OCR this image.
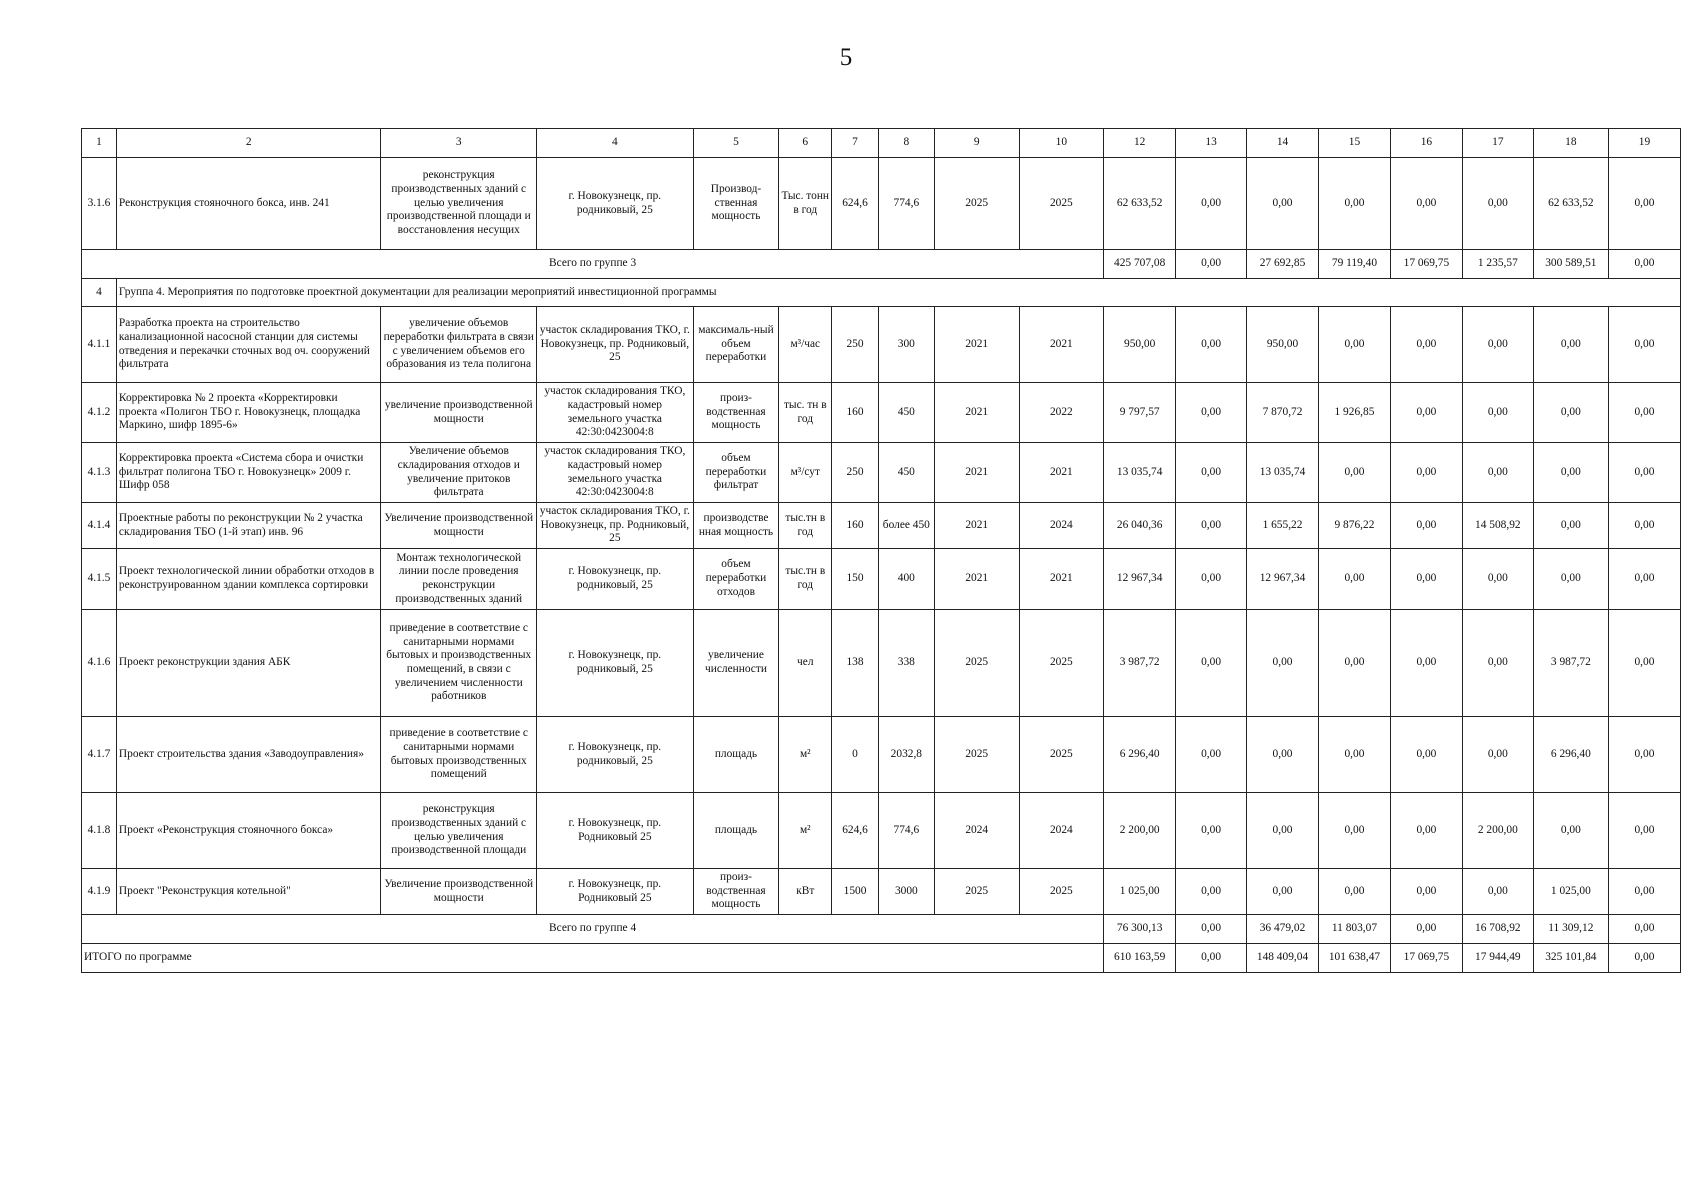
5
1	2	3	4	5	6	7	8	9	10	12	13	14	15	16	17	18	19
3.1.6	Реконструкция стояночного бокса, инв. 241	реконструкция производственных зданий с целью увеличения производственной площади и восстановления несущих	г. Новокузнецк, пр. родниковый, 25	Производ-ственная мощность	Тыс. тонн в год	624,6	774,6	2025	2025	62 633,52	0,00	0,00	0,00	0,00	0,00	62 633,52	0,00
Всего по группе 3										425 707,08	0,00	27 692,85	79 119,40	17 069,75	1 235,57	300 589,51	0,00
4	Группа 4. Мероприятия по подготовке проектной документации для реализации мероприятий инвестиционной программы																
4.1.1	Разработка проекта на строительство канализационной насосной станции для системы отведения и перекачки сточных вод оч. сооружений фильтрата	увеличение объемов переработки фильтрата в связи с увеличением объемов его образования из тела полигона	участок складирования ТКО, г. Новокузнецк, пр. Родниковый, 25	максималь-ный объем переработки	м³/час	250	300	2021	2021	950,00	0,00	950,00	0,00	0,00	0,00	0,00	0,00
4.1.2	Корректировка № 2 проекта «Корректировки проекта «Полигон ТБО г. Новокузнецк, площадка Маркино, шифр 1895-6»	увеличение производственной мощности	участок складирования ТКО, кадастровый номер земельного участка 42:30:0423004:8	произ-водственная мощность	тыс. тн в год	160	450	2021	2022	9 797,57	0,00	7 870,72	1 926,85	0,00	0,00	0,00	0,00
4.1.3	Корректировка проекта «Система сбора и очистки фильтрат полигона ТБО г. Новокузнецк» 2009 г. Шифр 058	Увеличение объемов складирования отходов и увеличение притоков фильтрата	участок складирования ТКО, кадастровый номер земельного участка 42:30:0423004:8	объем переработки фильтрат	м³/сут	250	450	2021	2021	13 035,74	0,00	13 035,74	0,00	0,00	0,00	0,00	0,00
4.1.4	Проектные работы по реконструкции № 2 участка складирования ТБО (1-й этап) инв. 96	Увеличение производственной мощности	участок складирования ТКО, г. Новокузнецк, пр. Родниковый, 25	производстве нная мощность	тыс.тн в год	160	более 450	2021	2024	26 040,36	0,00	1 655,22	9 876,22	0,00	14 508,92	0,00	0,00
4.1.5	Проект технологической линии обработки отходов в реконструированном здании комплекса сортировки	Монтаж технологической линии после проведения реконструкции производственных зданий	г. Новокузнецк, пр. родниковый, 25	объем переработки отходов	тыс.тн в год	150	400	2021	2021	12 967,34	0,00	12 967,34	0,00	0,00	0,00	0,00	0,00
4.1.6	Проект реконструкции здания АБК	приведение в соответствие с санитарными нормами бытовых и производственных помещений, в связи с увеличением численности работников	г. Новокузнецк, пр. родниковый, 25	увеличение численности	чел	138	338	2025	2025	3 987,72	0,00	0,00	0,00	0,00	0,00	3 987,72	0,00
4.1.7	Проект строительства здания «Заводоуправления»	приведение в соответствие с санитарными нормами бытовых производственных помещений	г. Новокузнецк, пр. родниковый, 25	площадь	м²	0	2032,8	2025	2025	6 296,40	0,00	0,00	0,00	0,00	0,00	6 296,40	0,00
4.1.8	Проект «Реконструкция стояночного бокса»	реконструкция производственных зданий с целью увеличения производственной площади	г. Новокузнецк, пр. Родниковый 25	площадь	м²	624,6	774,6	2024	2024	2 200,00	0,00	0,00	0,00	0,00	2 200,00	0,00	0,00
4.1.9	Проект "Реконструкция котельной"	Увеличение производственной мощности	г. Новокузнецк, пр. Родниковый 25	произ-водственная мощность	кВт	1500	3000	2025	2025	1 025,00	0,00	0,00	0,00	0,00	0,00	1 025,00	0,00
Всего по группе 4										76 300,13	0,00	36 479,02	11 803,07	0,00	16 708,92	11 309,12	0,00
ИТОГО по программе										610 163,59	0,00	148 409,04	101 638,47	17 069,75	17 944,49	325 101,84	0,00
